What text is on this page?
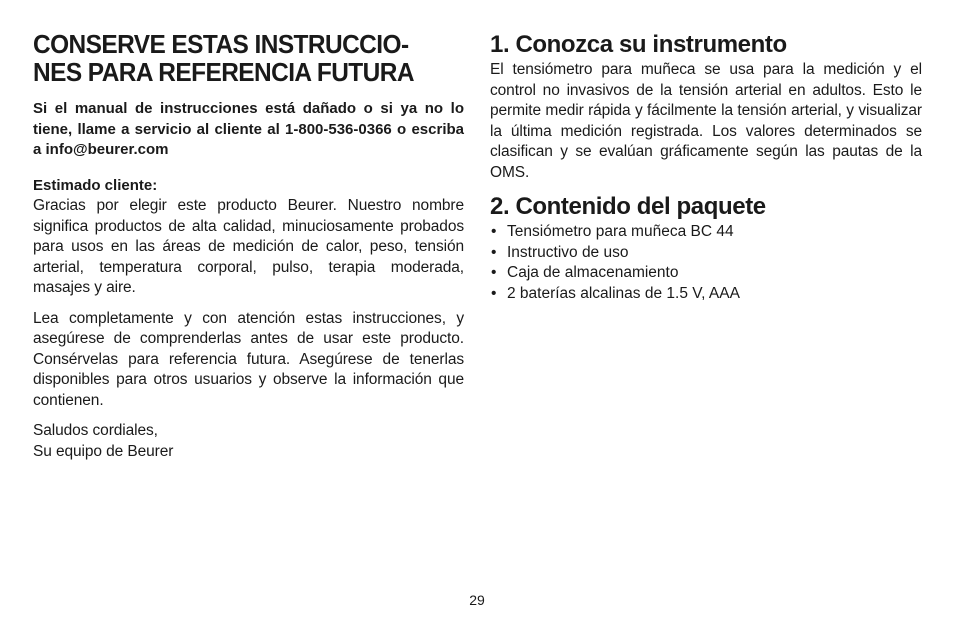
CONSERVE ESTAS INSTRUCCIO-
NES PARA REFERENCIA FUTURA

Si el manual de instrucciones está dañado o si ya no lo tiene, llame a servicio al cliente al 1-800-536-0366 o escriba a info@beurer.com

Estimado cliente:

Gracias por elegir este producto Beurer. Nuestro nombre significa productos de alta calidad, minuciosamente probados para usos en las áreas de medición de calor, peso, tensión arterial, temperatura corporal, pulso, terapia moderada, masajes y aire.

Lea completamente y con atención estas instrucciones, y asegúrese de comprenderlas antes de usar este producto. Consérvelas para referencia futura. Asegúrese de tenerlas disponibles para otros usuarios y observe la información que contienen.

Saludos cordiales,
Su equipo de Beurer

1. Conozca su instrumento

El tensiómetro para muñeca se usa para la medición y el control no invasivos de la tensión arterial en adultos. Esto le permite medir rápida y fácilmente la tensión arterial, y visualizar la última medición registrada. Los valores determinados se clasifican y se evalúan gráficamente según las pautas de la OMS.

2. Contenido del paquete
• Tensiómetro para muñeca BC 44
• Instructivo de uso
• Caja de almacenamiento
• 2 baterías alcalinas de 1.5 V, AAA
29
